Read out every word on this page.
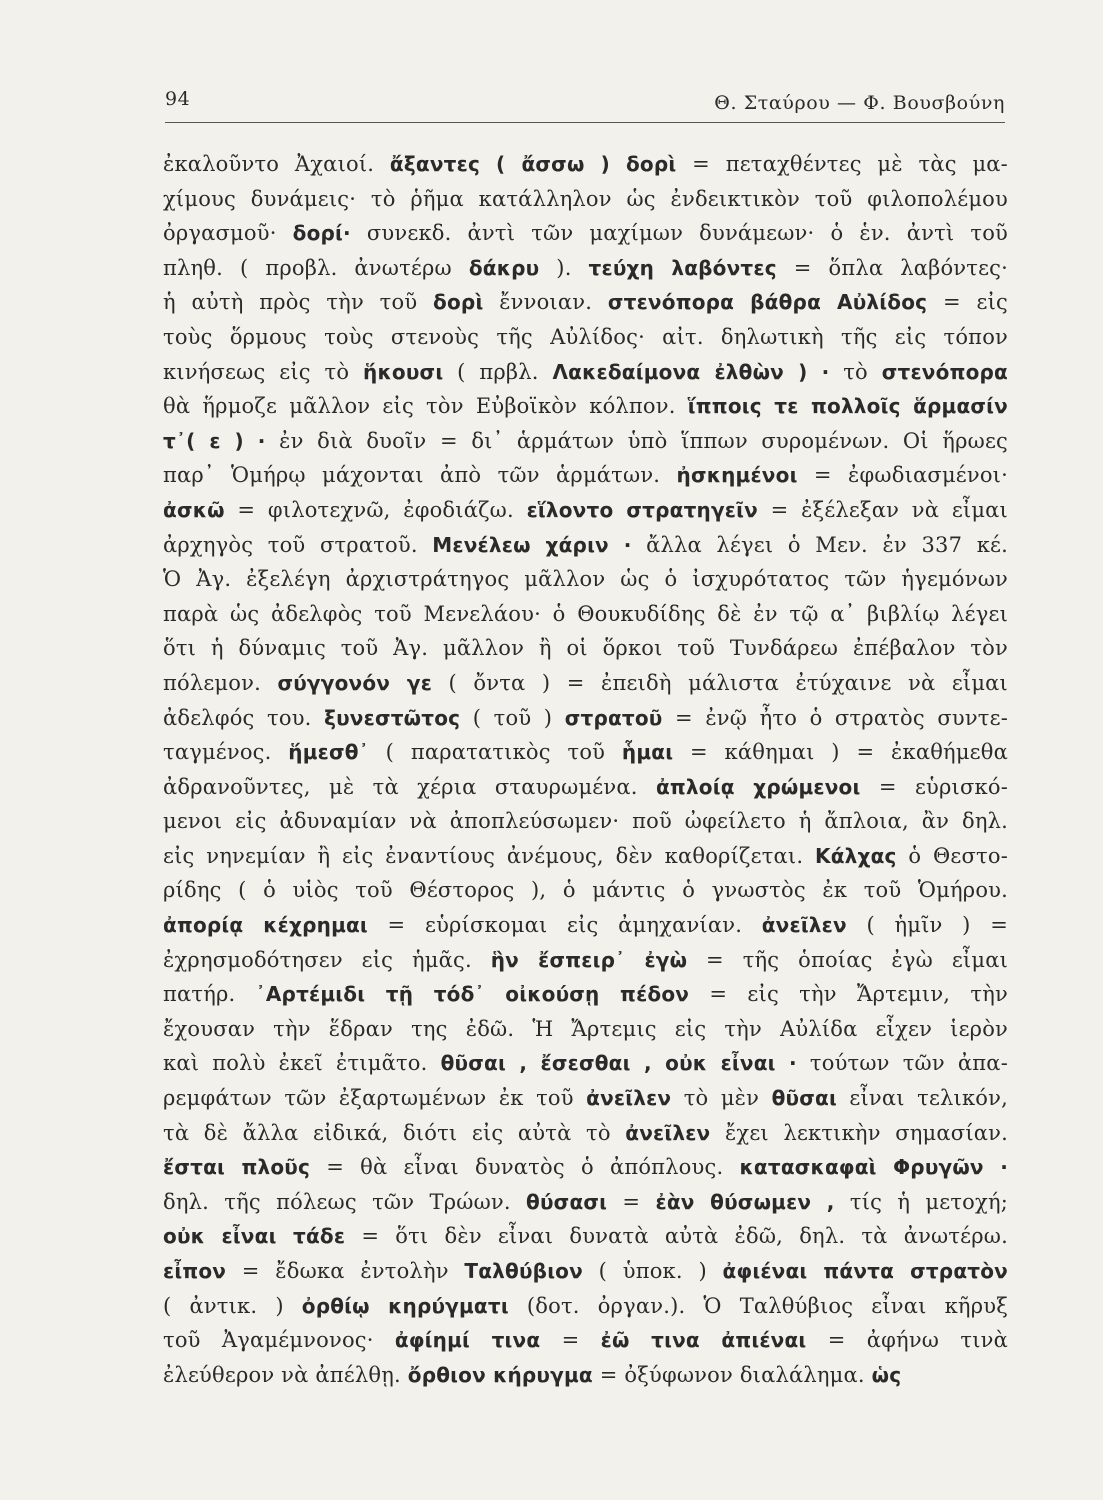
94	Θ. Σταύρου — Φ. Βουσβούνη
ἐκαλοῦντο Ἀχαιοί. ἄξαντες ( ἄσσω ) δορὶ = πεταχθέντες μὲ τὰς μα-
χίμους δυνάμεις· τὸ ῥῆμα κατάλληλον ὡς ἐνδεικτικὸν τοῦ φιλοπολέμου
ὀργασμοῦ· δορί· συνεκδ. ἀντὶ τῶν μαχίμων δυνάμεων· ὁ ἑν. ἀντὶ τοῦ
πληθ. ( προβλ. ἀνωτέρω δάκρυ ). τεύχη λαβόντες = ὅπλα λαβόντες·
ἡ αὐτὴ πρὸς τὴν τοῦ δορὶ ἔννοιαν. στενόπορα βάθρα Αὐλίδος = εἰς
τοὺς ὅρμους τοὺς στενοὺς τῆς Αὐλίδος· αἰτ. δηλωτικὴ τῆς εἰς τόπον
κινήσεως εἰς τὸ ἥκουσι ( πρβλ. Λακεδαίμονα ἐλθὼν ) · τὸ στενόπορα
θὰ ἥρμοζε μᾶλλον εἰς τὸν Εὐβοϊκὸν κόλπον. ἵπποις τε πολλοῖς ἅρμασίν
τ᾽( ε ) · ἐν διὰ δυοῖν = δι᾽ ἁρμάτων ὑπὸ ἵππων συρομένων. Οἱ ἥρωες
παρ᾽ Ὁμήρῳ μάχονται ἀπὸ τῶν ἁρμάτων. ἠσκημένοι = ἐφωδιασμένοι·
ἀσκῶ = φιλοτεχνῶ, ἐφοδιάζω. εἵλοντο στρατηγεῖν = ἐξέλεξαν νὰ εἶμαι
ἀρχηγὸς τοῦ στρατοῦ. Μενέλεω χάριν · ἄλλα λέγει ὁ Μεν. ἐν 337 κέ.
Ὁ Ἀγ. ἐξελέγη ἀρχιστράτηγος μᾶλλον ὡς ὁ ἰσχυρότατος τῶν ἡγεμόνων
παρὰ ὡς ἀδελφὸς τοῦ Μενελάου· ὁ Θουκυδίδης δὲ ἐν τῷ α᾽ βιβλίῳ λέγει
ὅτι ἡ δύναμις τοῦ Ἀγ. μᾶλλον ἢ οἱ ὅρκοι τοῦ Τυνδάρεω ἐπέβαλον τὸν
πόλεμον. σύγγονόν γε ( ὄντα ) = ἐπειδὴ μάλιστα ἐτύχαινε νὰ εἶμαι
ἀδελφός του. ξυνεστῶτος ( τοῦ ) στρατοῦ = ἐνῷ ἦτο ὁ στρατὸς συντε-
ταγμένος. ἥμεσθ᾽ ( παρατατικὸς τοῦ ἧμαι = κάθημαι ) = ἐκαθήμεθα
ἀδρανοῦντες, μὲ τὰ χέρια σταυρωμένα. ἀπλοίᾳ χρώμενοι = εὑρισκό-
μενοι εἰς ἀδυναμίαν νὰ ἀποπλεύσωμεν· ποῦ ὠφείλετο ἡ ἄπλοια, ἂν δηλ.
εἰς νηνεμίαν ἢ εἰς ἐναντίους ἀνέμους, δὲν καθορίζεται. Κάλχας ὁ Θεστο-
ρίδης ( ὁ υἱὸς τοῦ Θέστορος ), ὁ μάντις ὁ γνωστὸς ἐκ τοῦ Ὁμήρου.
ἀπορίᾳ κέχρημαι = εὑρίσκομαι εἰς ἀμηχανίαν. ἀνεῖλεν ( ἡμῖν ) =
ἐχρησμοδότησεν εἰς ἡμᾶς. ἣν ἔσπειρ᾽ ἐγὼ = τῆς ὁποίας ἐγὼ εἶμαι
πατήρ. ᾽Αρτέμιδι τῇ τόδ᾽ οἰκούσῃ πέδον = εἰς τὴν Ἄρτεμιν, τὴν
ἔχουσαν τὴν ἕδραν της ἐδῶ. Ἡ Ἄρτεμις εἰς τὴν Αὐλίδα εἶχεν ἱερὸν
καὶ πολὺ ἐκεῖ ἐτιμᾶτο. θῦσαι , ἔσεσθαι , οὐκ εἶναι · τούτων τῶν ἀπα-
ρεμφάτων τῶν ἐξαρτωμένων ἐκ τοῦ ἀνεῖλεν τὸ μὲν θῦσαι εἶναι τελικόν,
τὰ δὲ ἄλλα εἰδικά, διότι εἰς αὐτὰ τὸ ἀνεῖλεν ἔχει λεκτικὴν σημασίαν.
ἔσται πλοῦς = θὰ εἶναι δυνατὸς ὁ ἀπόπλους. κατασκαφαὶ Φρυγῶν ·
δηλ. τῆς πόλεως τῶν Τρώων. θύσασι = ἐὰν θύσωμεν , τίς ἡ μετοχή;
οὐκ εἶναι τάδε = ὅτι δὲν εἶναι δυνατὰ αὐτὰ ἐδῶ, δηλ. τὰ ἀνωτέρω.
εἶπον = ἔδωκα ἐντολὴν Ταλθύβιον ( ὑποκ. ) ἀφιέναι πάντα στρατὸν
( ἀντικ. ) ὀρθίῳ κηρύγματι (δοτ. ὀργαν.). Ὁ Ταλθύβιος εἶναι κῆρυξ
τοῦ Ἀγαμέμνονος· ἀφίημί τινα = ἐῶ τινα ἀπιέναι = ἀφήνω τινὰ
ἐλεύθερον νὰ ἀπέλθῃ. ὄρθιον κήρυγμα = ὀξύφωνον διαλάλημα. ὡς
